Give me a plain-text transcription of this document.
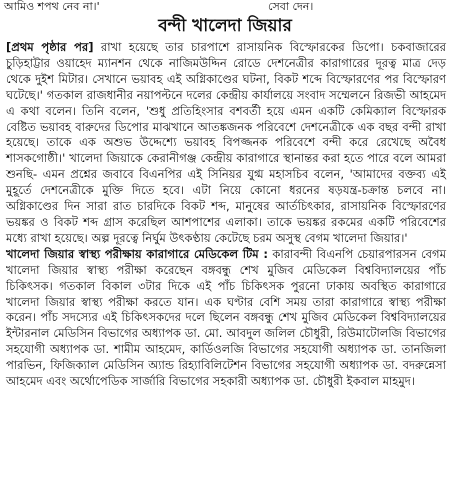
আমিও শপথ নেব না।'	সেবা দেন।
বন্দী খালেদা জিয়ার

[প্রথম পৃষ্ঠার পর] রাখা হয়েছে তার চারপাশে রাসায়নিক বিস্ফোরকের ডিপো। চকবাজারের চুড়িহাট্টার ওয়াহেদ ম্যানশন থেকে নাজিমউদ্দিন রোডে দেশনেত্রীর কারাগারের দূরত্ব মাত্র দেড় থেকে দুইশ মিটার। সেখানে ভয়াবহ এই অগ্নিকাণ্ডের ঘটনা, বিকট শব্দে বিস্ফোরণের পর বিস্ফোরণ ঘটেছে।' গতকাল রাজধানীর নয়াপল্টনে দলের কেন্দ্রীয় কার্যালয়ে সংবাদ সম্মেলনে রিজভী আহমেদ এ কথা বলেন। তিনি বলেন, 'শুধু প্রতিহিংসার বশবর্তী হয়ে এমন একটি কেমিক্যাল বিস্ফোরক বেষ্টিত ভয়াবহ বারুদের ডিপোর মাঝখানে আতঙ্কজনক পরিবেশে দেশনেত্রীকে এক বছর বন্দী রাখা হয়েছে। তাকে এক অশুভ উদ্দেশ্যে ভয়াবহ বিপজ্জনক পরিবেশে বন্দী করে রেখেছে অবৈধ শাসকগোষ্ঠী।' খালেদা জিয়াকে কেরানীগঞ্জ কেন্দ্রীয় কারাগারে স্থানান্তর করা হতে পারে বলে আমরা শুনছি- এমন প্রশ্নের জবাবে বিএনপির এই সিনিয়র যুগ্ম মহাসচিব বলেন, 'আমাদের বক্তব্য এই মুহূর্তে দেশনেত্রীকে মুক্তি দিতে হবে। এটা নিয়ে কোনো ধরনের ষড়যন্ত্র-চক্রান্ত চলবে না। অগ্নিকাণ্ডের দিন সারা রাত চারদিকে বিকট শব্দ, মানুষের আর্তচিৎকার, রাসায়নিক বিস্ফোরণের ভয়ঙ্কর ও বিকট শব্দ গ্রাস করেছিল আশপাশের এলাকা। তাকে ভয়ঙ্কর রকমের একটি পরিবেশের মধ্যে রাখা হয়েছে। অল্প দূরত্বে নির্ঘুম উৎকণ্ঠায় কেটেছে চরম অসুস্থ বেগম খালেদা জিয়ার।'

খালেদা জিয়ার স্বাস্থ্য পরীক্ষায় কারাগারে মেডিকেল টিম : কারাবন্দী বিএনপি চেয়ারপারসন বেগম খালেদা জিয়ার স্বাস্থ্য পরীক্ষা করেছেন বঙ্গবন্ধু শেখ মুজিব মেডিকেল বিশ্ববিদ্যালয়ের পাঁচ চিকিৎসক। গতকাল বিকাল ৩টার দিকে এই পাঁচ চিকিৎসক পুরনো ঢাকায় অবস্থিত কারাগারে খালেদা জিয়ার স্বাস্থ্য পরীক্ষা করতে যান। এক ঘণ্টার বেশি সময় তারা কারাগারে স্বাস্থ্য পরীক্ষা করেন। পাঁচ সদস্যের এই চিকিৎসকদের দলে ছিলেন বঙ্গবন্ধু শেখ মুজিব মেডিকেল বিশ্ববিদ্যালয়ের ইন্টারনাল মেডিসিন বিভাগের অধ্যাপক ডা. মো. আবদুল জলিল চৌধুরী, রিউমাটোলজি বিভাগের সহযোগী অধ্যাপক ডা. শামীম আহমেদ, কার্ডিওলজি বিভাগের সহযোগী অধ্যাপক ডা. তানজিলা পারভিন, ফিজিক্যাল মেডিসিন অ্যান্ড রিহ্যাবিলিটেশন বিভাগের সহযোগী অধ্যাপক ডা. বদরুন্নেসা আহমেদ এবং অর্থোপেডিক সার্জারি বিভাগের সহকারী অধ্যাপক ডা. চৌধুরী ইকবাল মাহমুদ।
